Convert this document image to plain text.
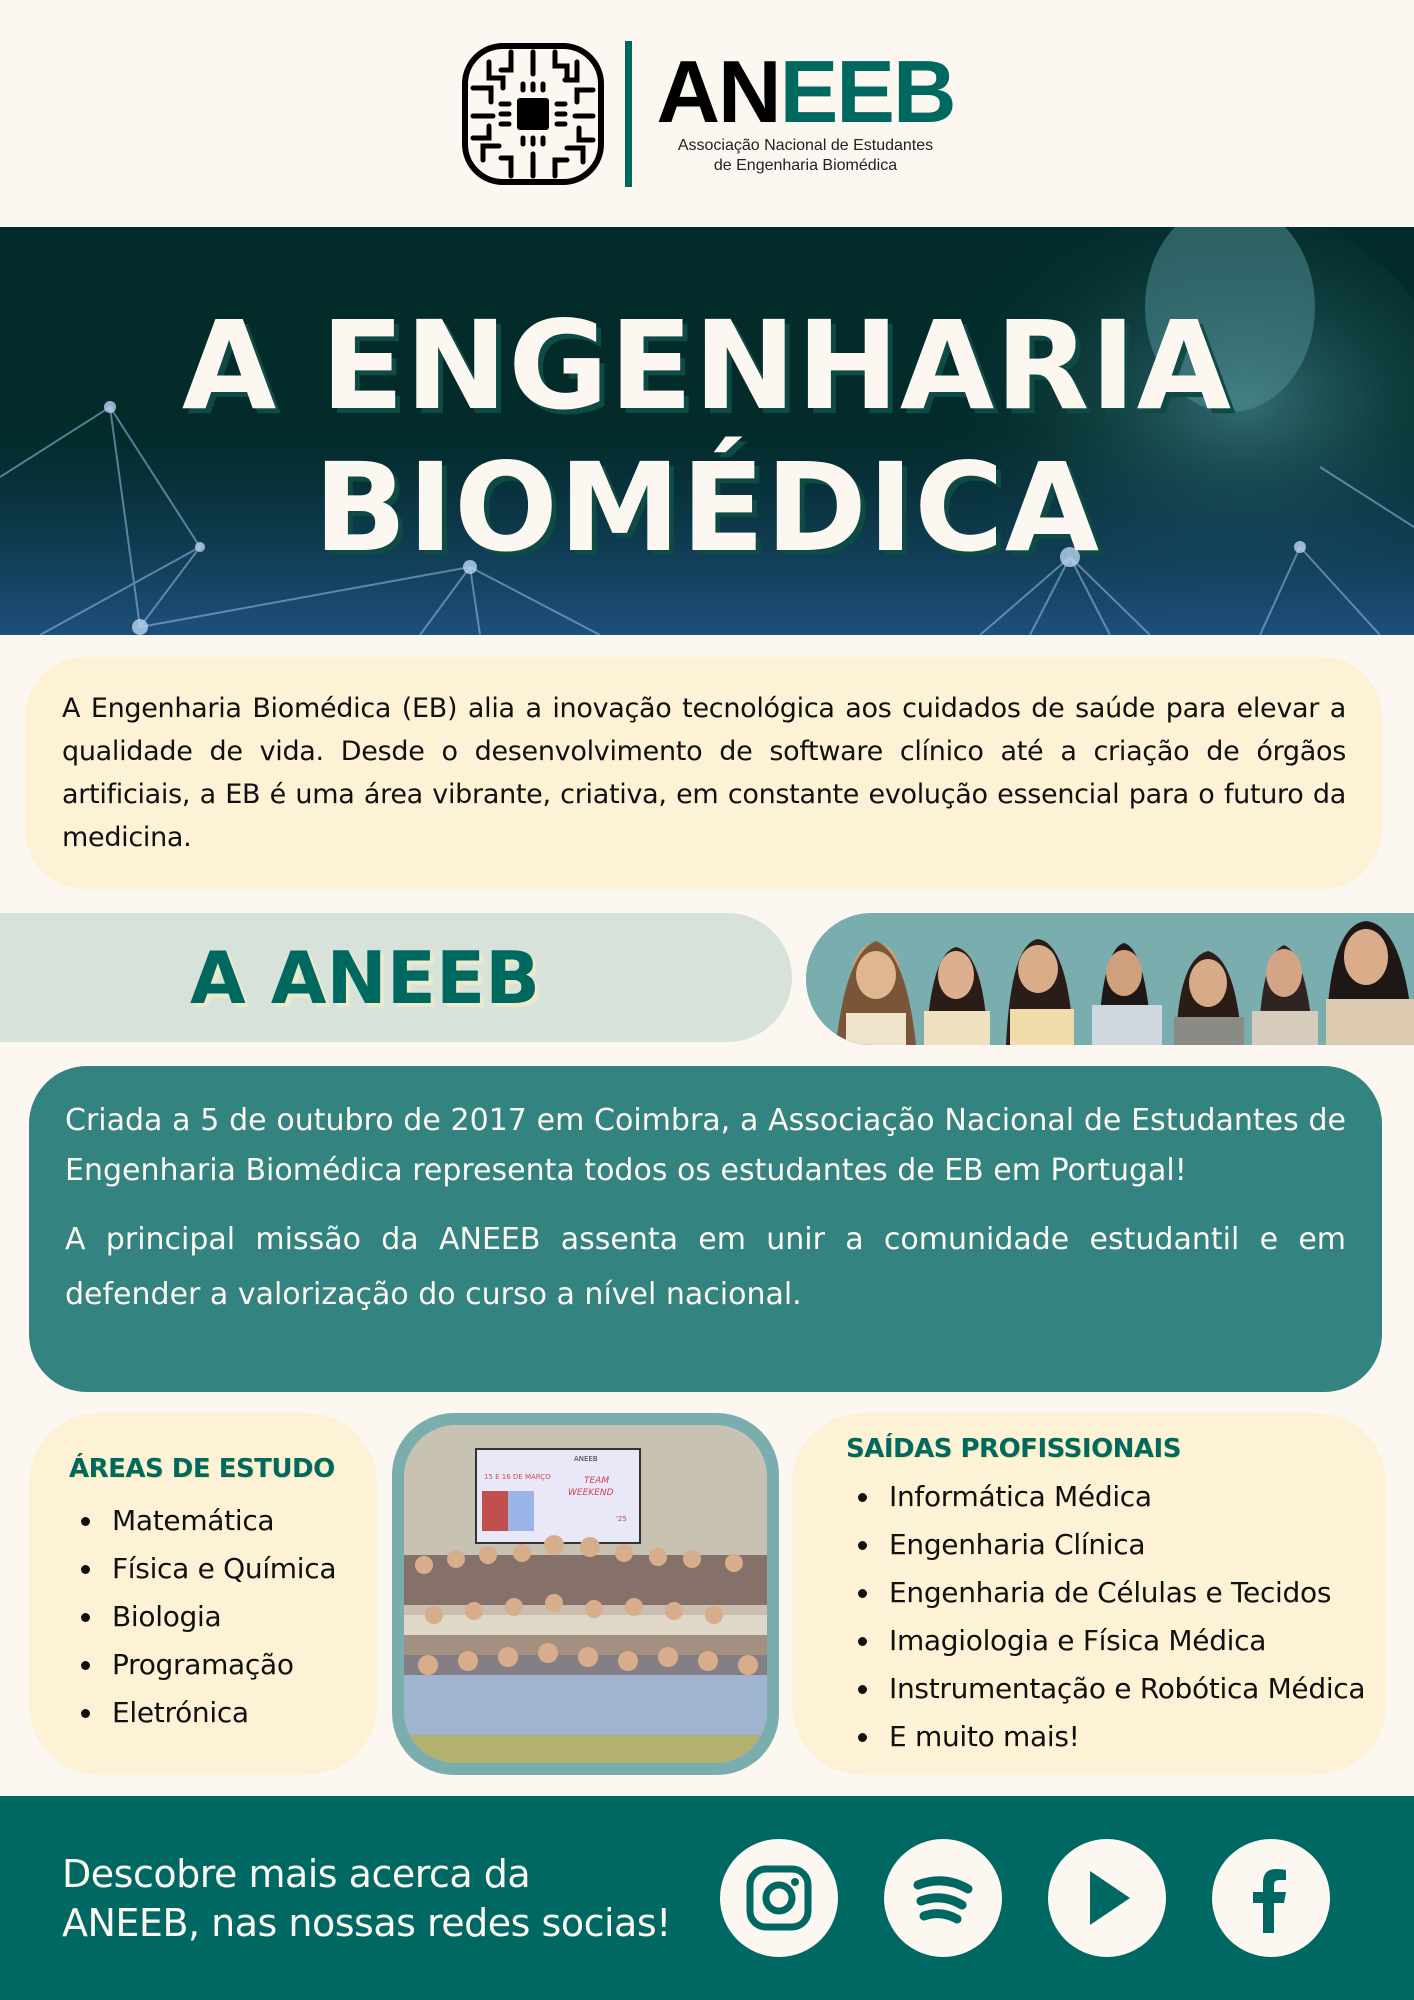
ANEEB
Associação Nacional de Estudantes
de Engenharia Biomédica
A ENGENHARIA
BIOMÉDICA

A Engenharia Biomédica (EB) alia a inovação tecnológica aos cuidados de saúde para elevar a qualidade de vida. Desde o desenvolvimento de software clínico até a criação de órgãos artificiais, a EB é uma área vibrante, criativa, em constante evolução essencial para o futuro da medicina.

A ANEEB

Criada a 5 de outubro de 2017 em Coimbra, a Associação Nacional de Estudantes de Engenharia Biomédica representa todos os estudantes de EB em Portugal!

A principal missão da ANEEB assenta em unir a comunidade estudantil e em defender a valorização do curso a nível nacional.

ÁREAS DE ESTUDO
Matemática
Física e Química
Biologia
Programação
Eletrónica
15 E 16 DE MARÇO
ANEEB
TEAM
WEEKEND
'25
SAÍDAS PROFISSIONAIS
Informática Médica
Engenharia Clínica
Engenharia de Células e Tecidos
Imagiologia e Física Médica
Instrumentação e Robótica Médica
E muito mais!
Descobre mais acerca da
ANEEB, nas nossas redes socias!
